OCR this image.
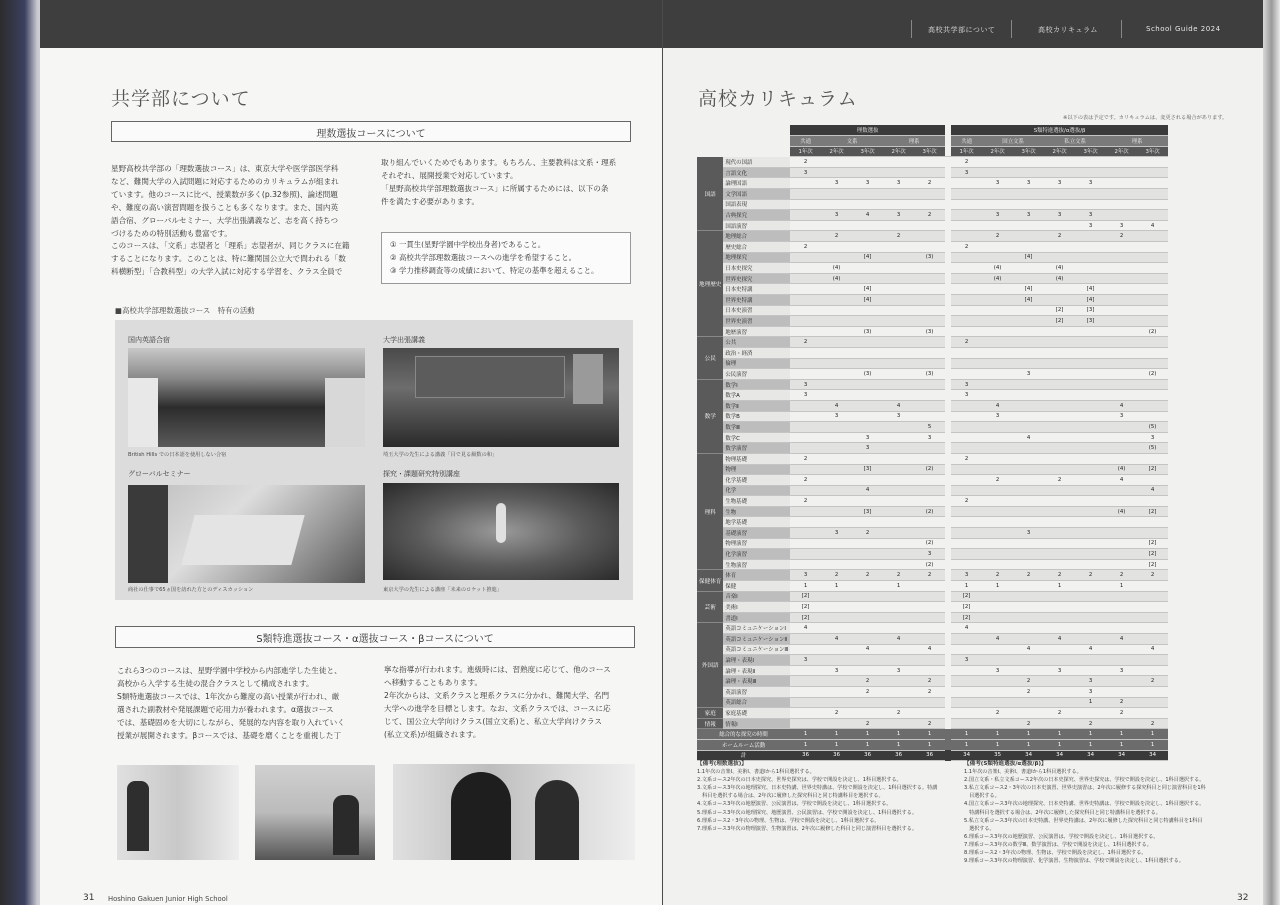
高校共学部について	高校カリキュラム	School Guide 2024
共学部について
理数選抜コースについて
星野高校共学部の「理数選抜コース」は、東京大学や医学部医学科
など、難関大学の入試問題に対応するためのカリキュラムが組まれ
ています。他のコースに比べ、授業数が多く(p.32参照)、論述問題
や、難度の高い演習問題を扱うことも多くなります。また、国内英
語合宿、グローバルセミナー、大学出張講義など、志を高く持ちつ
づけるための特別活動も豊富です。
このコースは、「文系」志望者と「理系」志望者が、同じクラスに在籍
することになります。このことは、特に難関国公立大で問われる「数
科横断型」「合教科型」の大学入試に対応する学習を、クラス全員で
取り組んでいくためでもあります。もちろん、主要教科は文系・理系
それぞれ、展開授業で対応しています。
「星野高校共学部理数選抜コース」に所属するためには、以下の条
件を満たす必要があります。
① 一貫生(星野学園中学校出身者)であること。
② 高校共学部理数選抜コースへの進学を希望すること。
③ 学力推移調査等の成績において、特定の基準を超えること。
■高校共学部理数選抜コース　特有の活動
国内英語合宿
British Hills での日本語を使用しない合宿
大学出張講義
埼玉大学の先生による講義「目で見る級数の和」
グローバルセミナー
商社の仕事で65ヵ国を訪れた方とのディスカッション
探究・課題研究特別講座
東京大学の先生による講座「未来のロケット推進」
S類特進選抜コース・α選抜コース・βコースについて
これら3つのコースは、星野学園中学校から内部進学した生徒と、
高校から入学する生徒の混合クラスとして構成されます。
S類特進選抜コースでは、1年次から難度の高い授業が行われ、厳
選された副教材や発展課題で応用力が養われます。α選抜コース
では、基礎固めを大切にしながら、発展的な内容を取り入れていく
授業が展開されます。βコースでは、基礎を磨くことを重視した丁
寧な指導が行われます。進級時には、習熟度に応じて、他のコース
へ移動することもあります。
2年次からは、文系クラスと理系クラスに分かれ、難関大学、名門
大学への進学を目標とします。なお、文系クラスでは、コースに応
じて、国公立大学向けクラス(国立文系)と、私立大学向けクラス
(私立文系)が組織されます。
31 Hoshino Gakuen Junior High School
高校カリキュラム
※以下の表は予定です。カリキュラムは、変更される場合があります。
		理数選抜						S類特進選抜/α選抜/β						
		共通	文系		理系			共通	国立文系		私立文系		理系	
		1年次	2年次	3年次	2年次	3年次		1年次	2年次	3年次	2年次	3年次	2年次	3年次
国語	現代の国語	2						2						
	言語文化	3						3						
	論理国語		3	3	3	2			3	3	3	3		
	文学国語													
	国語表現													
	古典探究		3	4	3	2			3	3	3	3		
	国語演習											3	3	4
地理歴史	地理総合		2		2				2		2		2	
	歴史総合	2						2						
	地理探究			[4]		(3)				[4]				
	日本史探究		(4)						(4)		(4)			
	世界史探究		(4)						(4)		(4)			
	日本史特講			[4]						[4]		[4]		
	世界史特講			[4]						[4]		[4]		
	日本史演習										[2]	[3]		
	世界史演習										[2]	[3]		
	地歴演習			(3)		(3)								(2)
公民	公共	2						2						
	政治・経済													
	倫理													
	公民演習			(3)		(3)				3				(2)
数学	数学Ⅰ	3						3						
	数学A	3						3						
	数学Ⅱ		4		4				4				4	
	数学B		3		3				3				3	
	数学Ⅲ					5								(5)
	数学C			3		3				4				3
	数学演習			3										(5)
理科	物理基礎	2						2						
	物理			[3]		(2)							(4)	[2]
	化学基礎	2							2		2		4	
	化学			4										4
	生物基礎	2						2						
	生物			[3]		(2)							(4)	[2]
	地学基礎													
	基礎演習		3	2						3				
	物理演習					(2)								[2]
	化学演習					3								[2]
	生物演習					(2)								[2]
保健体育	体育	3	2	2	2	2		3	2	2	2	2	2	2
	保健	1	1		1			1	1		1		1	
芸術	音楽Ⅰ	[2]						[2]						
	美術Ⅰ	[2]						[2]						
	書道Ⅰ	[2]						[2]						
外国語	英語コミュニケーションⅠ	4						4						
	英語コミュニケーションⅡ		4		4				4		4		4	
	英語コミュニケーションⅢ			4		4				4		4		4
	論理・表現Ⅰ	3						3						
	論理・表現Ⅱ		3		3				3		3		3	
	論理・表現Ⅲ			2		2				2		3		2
	英語演習			2		2				2		3		
	英語総合											1	2	
家庭	家庭基礎		2		2				2		2		2	
情報	情報Ⅰ			2		2				2		2		2
総合的な探究の時間		1	1	1	1	1		1	1	1	1	1	1	1
ホームルーム活動		1	1	1	1	1		1	1	1	1	1	1	1
計		36	36	36	36	36		34	35	34	34	34	34	34
【備考(理数選抜)】
1.1年次の音楽Ⅰ、美術Ⅰ、書道Ⅰから1科目選択する。
2.文系コース2年次の日本史探究、世界史探究は、学校で開設を決定し、1科目選択する。
3.文系コース3年次の地理探究、日本史特講、世界史特講は、学校で開設を決定し、1科目選択する。特講
　科目を選択する場合は、2年次に履修した探究科目と同じ特講科目を選択する。
4.文系コース3年次の地歴演習、公民演習は、学校で開設を決定し、1科目選択する。
5.理系コース3年次の地理探究、地歴演習、公民演習は、学校で開設を決定し、1科目選択する。
6.理系コース2・3年次の物理、生物は、学校で開設を決定し、1科目選択する。
7.理系コース3年次の物理演習、生物演習は、2年次に履修した科目と同じ演習科目を選択する。
【備考(S類特進選抜/α選抜/β)】
1.1年次の音楽Ⅰ、美術Ⅰ、書道Ⅰから1科目選択する。
2.国立文系・私立文系コース2年次の日本史探究、世界史探究は、学校で開設を決定し、1科目選択する。
3.私立文系コース2・3年次の日本史演習、世界史演習は、2年次に履修する探究科目と同じ演習科目を1科
　目選択する。
4.国立文系コース3年次の地理探究、日本史特講、世界史特講は、学校で開設を決定し、1科目選択する。
　特講科目を選択する場合は、2年次に履修した探究科目と同じ特講科目を選択する。
5.私立文系コース3年次の日本史特講、世界史特講は、2年次に履修した探究科目と同じ特講科目を1科目
　選択する。
6.理系コース3年次の地歴演習、公民演習は、学校で開設を決定し、1科目選択する。
7.理系コース3年次の数学Ⅲ、数学演習は、学校で開設を決定し、1科目選択する。
8.理系コース2・3年次の物理、生物は、学校で開設を決定し、1科目選択する。
9.理系コース3年次の物理演習、化学演習、生物演習は、学校で開設を決定し、1科目選択する。
32
